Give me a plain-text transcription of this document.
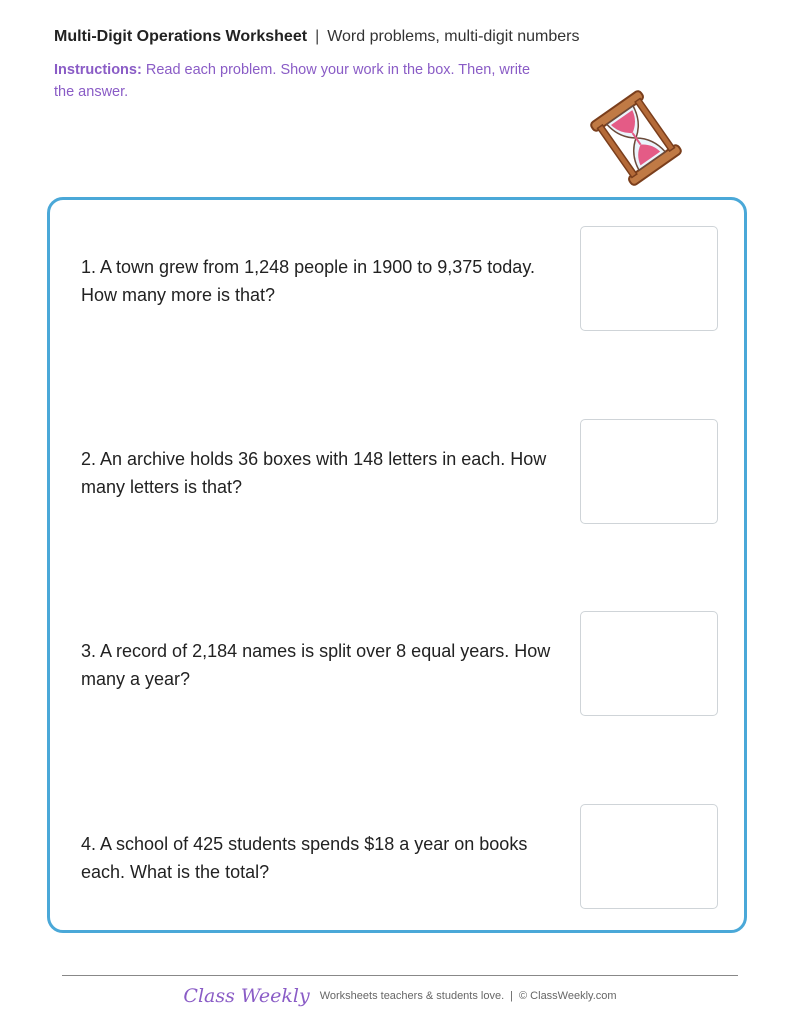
Multi-Digit Operations Worksheet | Word problems, multi-digit numbers
Instructions: Read each problem. Show your work in the box. Then, write the answer.
1. A town grew from 1,248 people in 1900 to 9,375 today. How many more is that?
2. An archive holds 36 boxes with 148 letters in each. How many letters is that?
3. A record of 2,184 names is split over 8 equal years. How many a year?
4. A school of 425 students spends $18 a year on books each. What is the total?
Class Weekly Worksheets teachers & students love. | © ClassWeekly.com
